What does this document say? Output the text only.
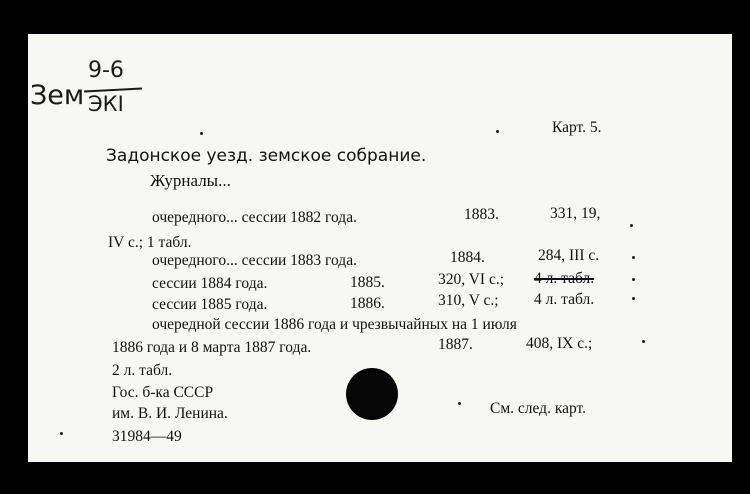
Зем
9-6
ЭКI
Карт. 5.
Задонское уезд. земское собрание.
Журналы...
очередного... сессии 1882 года.	1883.	331, 19,
IV с.; 1 табл.
очередного... сессии 1883 года.	1884.	284, III с.
сессии 1884 года.	1885.	320, VI с.; 4 л. табл.
сессии 1885 года.	1886.	310, V с.; 4 л. табл.
очередной сессии 1886 года и чрезвычайных на 1 июля
1886 года и 8 марта 1887 года.	1887.	408, IX с.;
2 л. табл.
Гос. б-ка СССР
им. В. И. Ленина.
31984—49
См. след. карт.
